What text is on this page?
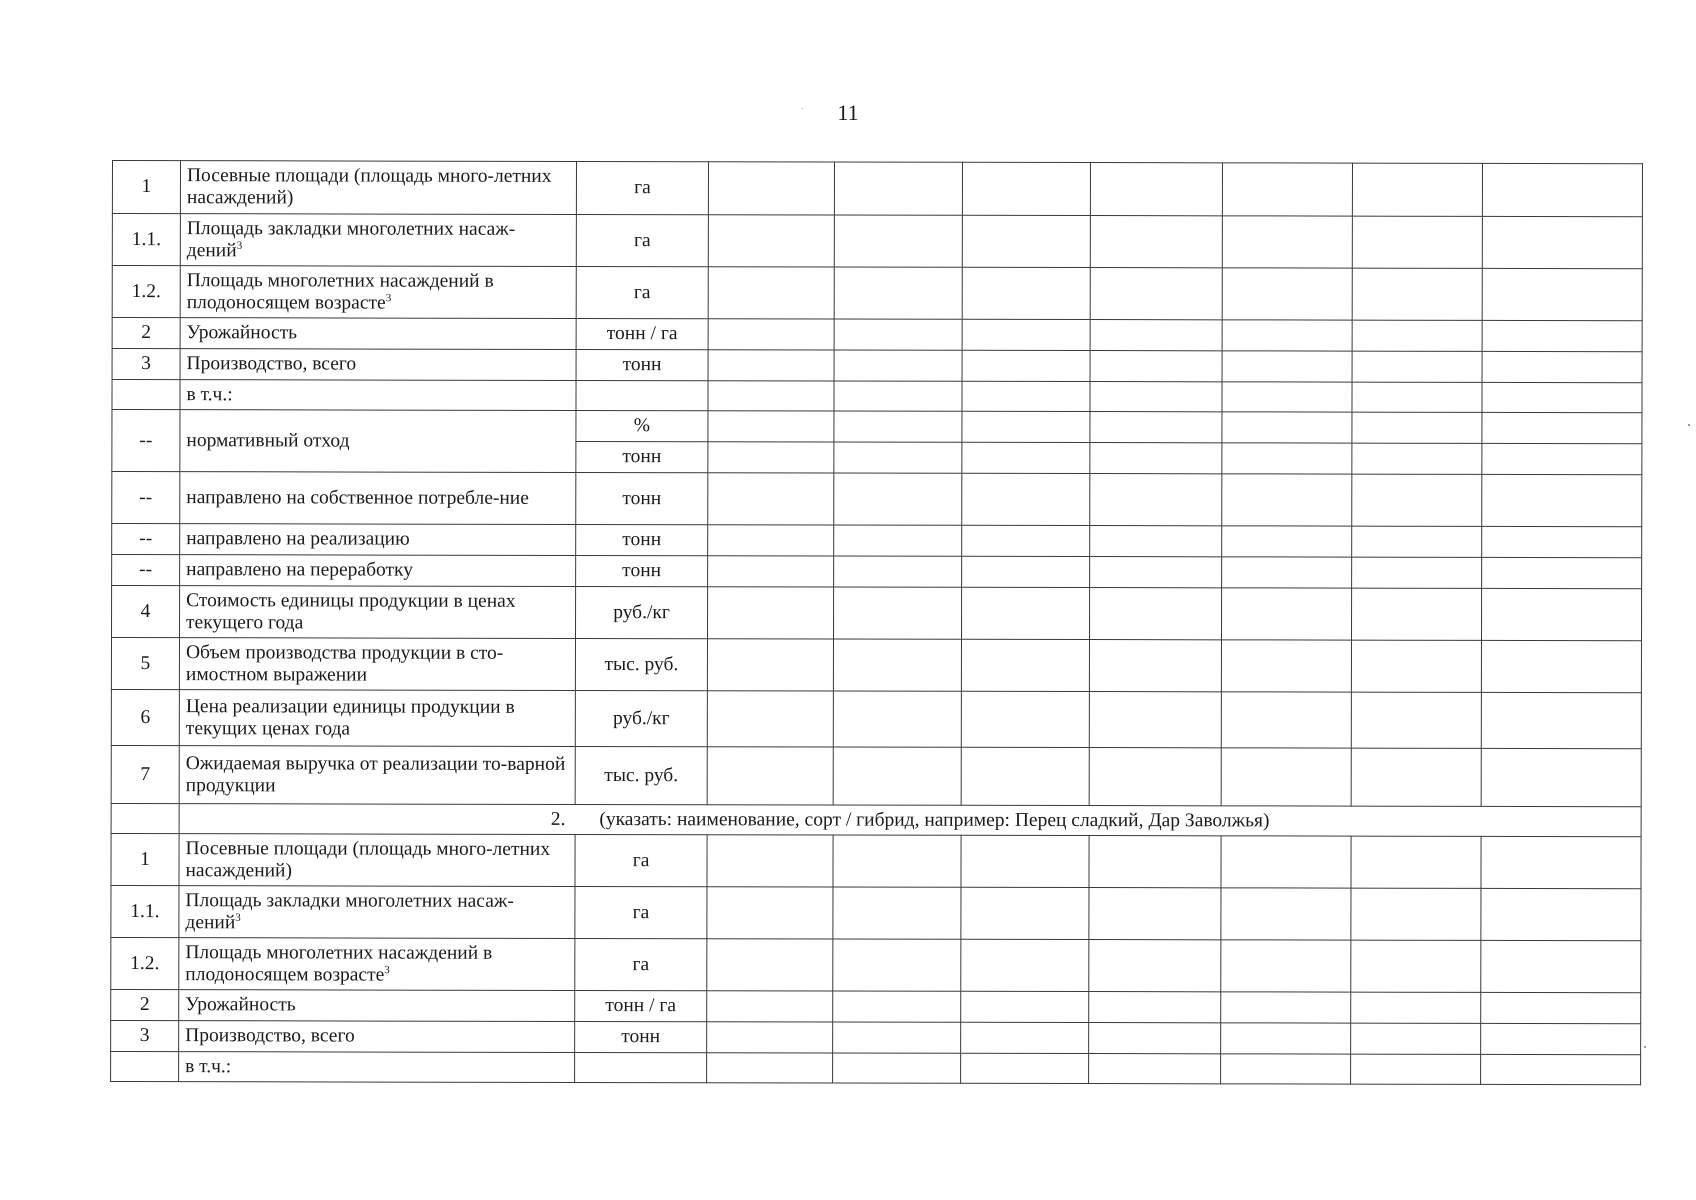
11
1	Посевные площади (площадь много-летних насаждений)	га							
1.1.	Площадь закладки многолетних насаж-дений$^3$	га							
1.2.	Площадь многолетних насаждений в плодоносящем возрасте$^3$	га							
2	Урожайность	тонн / га							
3	Производство, всего	тонн							
	в т.ч.:								
--	нормативный отход	%							
		тонн							
--	направлено на собственное потребле-ние	тонн							
--	направлено на реализацию	тонн							
--	направлено на переработку	тонн							
4	Стоимость единицы продукции в ценах текущего года	руб./кг							
5	Объем производства продукции в сто-имостном выражении	тыс. руб.							
6	Цена реализации единицы продукции в текущих ценах года	руб./кг							
7	Ожидаемая выручка от реализации то-варной продукции	тыс. руб.							
	2. (указать: наименование, сорт / гибрид, например: Перец сладкий, Дар Заволжья)								
1	Посевные площади (площадь много-летних насаждений)	га							
1.1.	Площадь закладки многолетних насаж-дений$^3$	га							
1.2.	Площадь многолетних насаждений в плодоносящем возрасте$^3$	га							
2	Урожайность	тонн / га							
3	Производство, всего	тонн							
	в т.ч.:								
